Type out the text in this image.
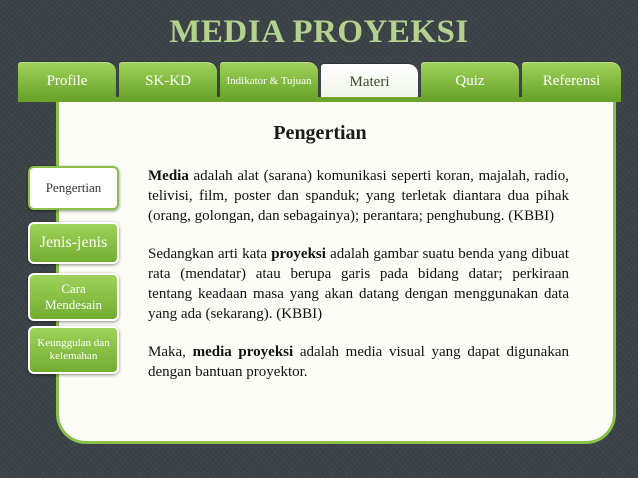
MEDIA PROYEKSI
Profile	SK-KD	Indikator & Tujuan	Materi	Quiz	Referensi
Pengertian
Pengertian
Jenis-jenis
Cara Mendesain
Keunggulan dan kelemahan

Media adalah alat (sarana) komunikasi seperti koran, majalah, radio, telivisi, film, poster dan spanduk; yang terletak diantara dua pihak (orang, golongan, dan sebagainya); perantara; penghubung. (KBBI)

Sedangkan arti kata proyeksi adalah gambar suatu benda yang dibuat rata (mendatar) atau berupa garis pada bidang datar; perkiraan tentang keadaan masa yang akan datang dengan menggunakan data yang ada (sekarang). (KBBI)

Maka, media proyeksi adalah media visual yang dapat digunakan dengan bantuan proyektor.
